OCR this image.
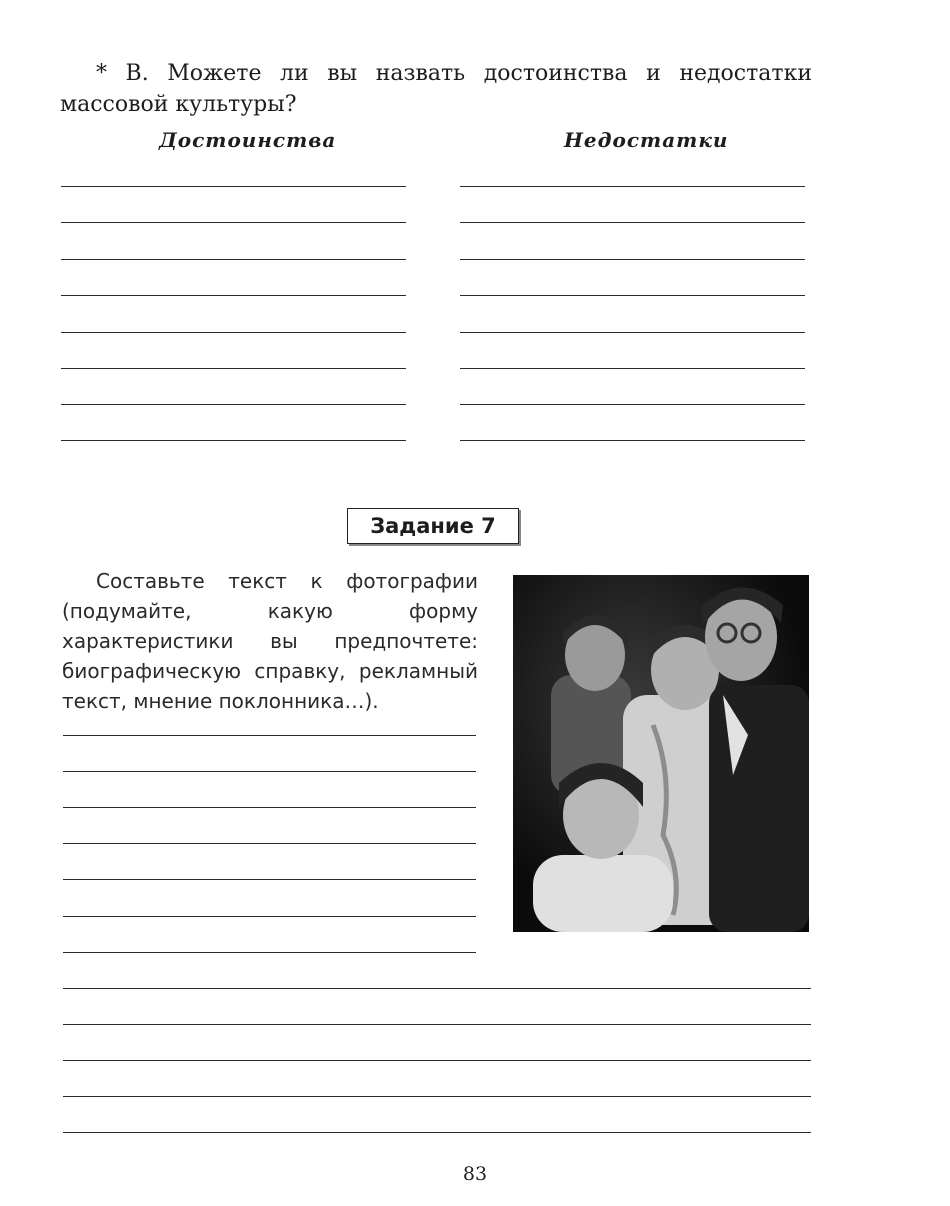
* В. Можете ли вы назвать достоинства и недостатки массовой культуры?

Достоинства	Недостатки
Задание 7

Составьте текст к фотографии (подумайте, какую форму характеристики вы предпочтете: биографическую справку, рекламный текст, мнение поклонника…).

83
